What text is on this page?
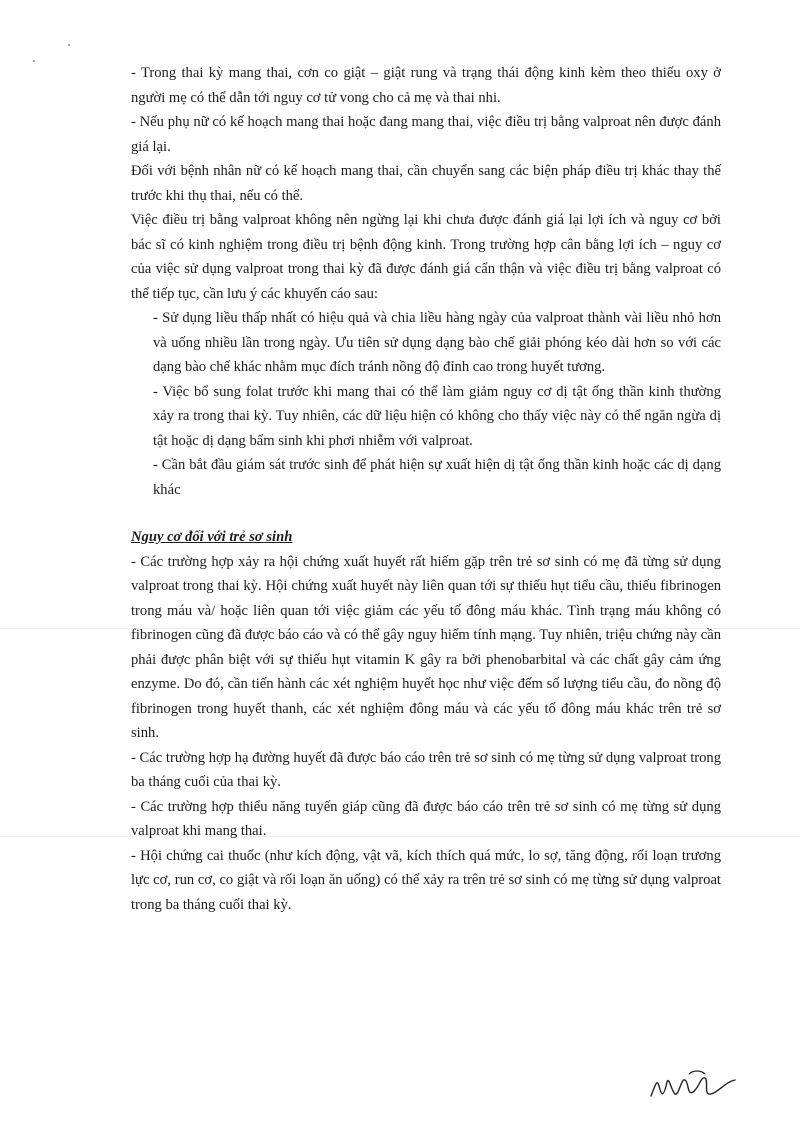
- Trong thai kỳ mang thai, cơn co giật – giật rung và trạng thái động kinh kèm theo thiếu oxy ở người mẹ có thể dẫn tới nguy cơ tử vong cho cả mẹ và thai nhi.

- Nếu phụ nữ có kế hoạch mang thai hoặc đang mang thai, việc điều trị bằng valproat nên được đánh giá lại.

Đối với bệnh nhân nữ có kế hoạch mang thai, cần chuyển sang các biện pháp điều trị khác thay thế trước khi thụ thai, nếu có thể.

Việc điều trị bằng valproat không nên ngừng lại khi chưa được đánh giá lại lợi ích và nguy cơ bởi bác sĩ có kinh nghiệm trong điều trị bệnh động kinh. Trong trường hợp cân bằng lợi ích – nguy cơ của việc sử dụng valproat trong thai kỳ đã được đánh giá cẩn thận và việc điều trị bằng valproat có thể tiếp tục, cần lưu ý các khuyến cáo sau:

- Sử dụng liều thấp nhất có hiệu quả và chia liều hàng ngày của valproat thành vài liều nhỏ hơn và uống nhiều lần trong ngày. Ưu tiên sử dụng dạng bào chế giải phóng kéo dài hơn so với các dạng bào chế khác nhằm mục đích tránh nồng độ đỉnh cao trong huyết tương.

- Việc bổ sung folat trước khi mang thai có thể làm giảm nguy cơ dị tật ống thần kinh thường xảy ra trong thai kỳ. Tuy nhiên, các dữ liệu hiện có không cho thấy việc này có thể ngăn ngừa dị tật hoặc dị dạng bẩm sinh khi phơi nhiễm với valproat.

- Cần bắt đầu giám sát trước sinh để phát hiện sự xuất hiện dị tật ống thần kinh hoặc các dị dạng khác

Nguy cơ đối với trẻ sơ sinh

- Các trường hợp xảy ra hội chứng xuất huyết rất hiếm gặp trên trẻ sơ sinh có mẹ đã từng sử dụng valproat trong thai kỳ. Hội chứng xuất huyết này liên quan tới sự thiếu hụt tiểu cầu, thiếu fibrinogen trong máu và/ hoặc liên quan tới việc giảm các yếu tố đông máu khác. Tình trạng máu không có fibrinogen cũng đã được báo cáo và có thể gây nguy hiểm tính mạng. Tuy nhiên, triệu chứng này cần phải được phân biệt với sự thiếu hụt vitamin K gây ra bởi phenobarbital và các chất gây cảm ứng enzyme. Do đó, cần tiến hành các xét nghiệm huyết học như việc đếm số lượng tiểu cầu, đo nồng độ fibrinogen trong huyết thanh, các xét nghiệm đông máu và các yếu tố đông máu khác trên trẻ sơ sinh.

- Các trường hợp hạ đường huyết đã được báo cáo trên trẻ sơ sinh có mẹ từng sử dụng valproat trong ba tháng cuối của thai kỳ.

- Các trường hợp thiểu năng tuyến giáp cũng đã được báo cáo trên trẻ sơ sinh có mẹ từng sử dụng valproat khi mang thai.

- Hội chứng cai thuốc (như kích động, vật vã, kích thích quá mức, lo sợ, tăng động, rối loạn trương lực cơ, run cơ, co giật và rối loạn ăn uống) có thể xảy ra trên trẻ sơ sinh có mẹ từng sử dụng valproat trong ba tháng cuối thai kỳ.
